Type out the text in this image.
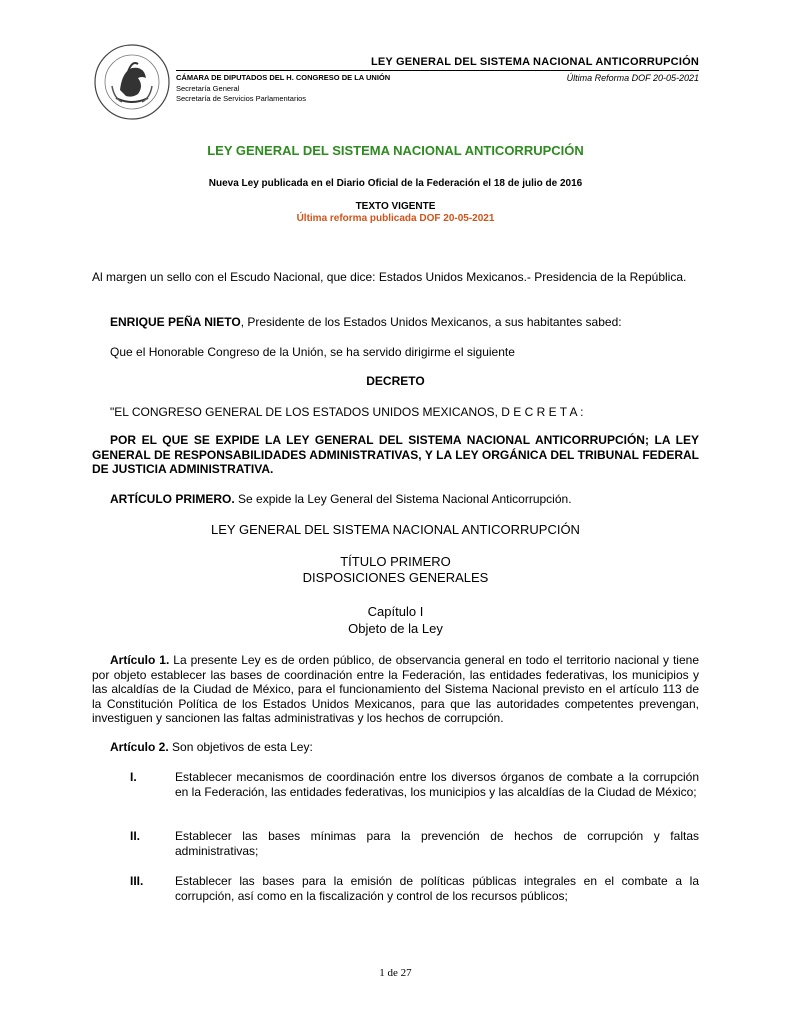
LEY GENERAL DEL SISTEMA NACIONAL ANTICORRUPCIÓN
CÁMARA DE DIPUTADOS DEL H. CONGRESO DE LA UNIÓN	Última Reforma DOF 20-05-2021
Secretaría General
Secretaría de Servicios Parlamentarios
LEY GENERAL DEL SISTEMA NACIONAL ANTICORRUPCIÓN
Nueva Ley publicada en el Diario Oficial de la Federación el 18 de julio de 2016
TEXTO VIGENTE
Última reforma publicada DOF 20-05-2021
Al margen un sello con el Escudo Nacional, que dice: Estados Unidos Mexicanos.- Presidencia de la República.
ENRIQUE PEÑA NIETO, Presidente de los Estados Unidos Mexicanos, a sus habitantes sabed:
Que el Honorable Congreso de la Unión, se ha servido dirigirme el siguiente
DECRETO
"EL CONGRESO GENERAL DE LOS ESTADOS UNIDOS MEXICANOS, D E C R E T A :
POR EL QUE SE EXPIDE LA LEY GENERAL DEL SISTEMA NACIONAL ANTICORRUPCIÓN; LA LEY GENERAL DE RESPONSABILIDADES ADMINISTRATIVAS, Y LA LEY ORGÁNICA DEL TRIBUNAL FEDERAL DE JUSTICIA ADMINISTRATIVA.
ARTÍCULO PRIMERO. Se expide la Ley General del Sistema Nacional Anticorrupción.
LEY GENERAL DEL SISTEMA NACIONAL ANTICORRUPCIÓN
TÍTULO PRIMERO
DISPOSICIONES GENERALES
Capítulo I
Objeto de la Ley
Artículo 1. La presente Ley es de orden público, de observancia general en todo el territorio nacional y tiene por objeto establecer las bases de coordinación entre la Federación, las entidades federativas, los municipios y las alcaldías de la Ciudad de México, para el funcionamiento del Sistema Nacional previsto en el artículo 113 de la Constitución Política de los Estados Unidos Mexicanos, para que las autoridades competentes prevengan, investiguen y sancionen las faltas administrativas y los hechos de corrupción.
Artículo 2. Son objetivos de esta Ley:
I.	Establecer mecanismos de coordinación entre los diversos órganos de combate a la corrupción en la Federación, las entidades federativas, los municipios y las alcaldías de la Ciudad de México;
II.	Establecer las bases mínimas para la prevención de hechos de corrupción y faltas administrativas;
III.	Establecer las bases para la emisión de políticas públicas integrales en el combate a la corrupción, así como en la fiscalización y control de los recursos públicos;
1 de 27
